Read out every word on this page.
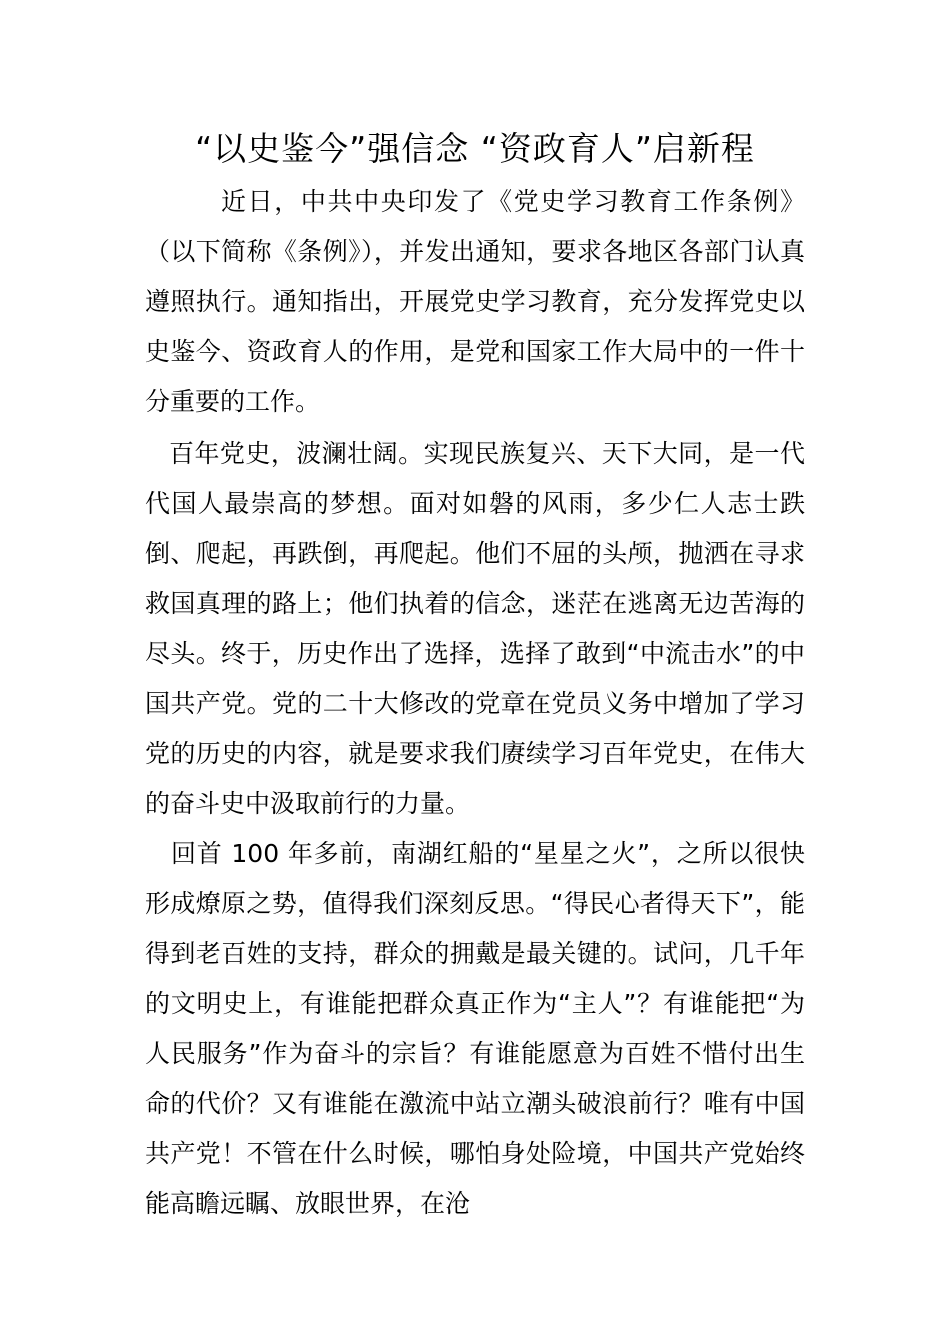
“以史鉴今”强信念 “资政育人”启新程

近日，中共中央印发了《党史学习教育工作条例》（以下简称《条例》），并发出通知，要求各地区各部门认真遵照执行。通知指出，开展党史学习教育，充分发挥党史以史鉴今、资政育人的作用，是党和国家工作大局中的一件十分重要的工作。

百年党史，波澜壮阔。实现民族复兴、天下大同，是一代代国人最崇高的梦想。面对如磐的风雨，多少仁人志士跌倒、爬起，再跌倒，再爬起。他们不屈的头颅，抛洒在寻求救国真理的路上；他们执着的信念，迷茫在逃离无边苦海的尽头。终于，历史作出了选择，选择了敢到“中流击水”的中国共产党。党的二十大修改的党章在党员义务中增加了学习党的历史的内容，就是要求我们赓续学习百年党史，在伟大的奋斗史中汲取前行的力量。

回首 100 年多前，南湖红船的“星星之火”，之所以很快形成燎原之势，值得我们深刻反思。“得民心者得天下”，能得到老百姓的支持，群众的拥戴是最关键的。试问，几千年的文明史上，有谁能把群众真正作为“主人”？有谁能把“为人民服务”作为奋斗的宗旨？有谁能愿意为百姓不惜付出生命的代价？又有谁能在激流中站立潮头破浪前行？唯有中国共产党！不管在什么时候，哪怕身处险境，中国共产党始终能高瞻远瞩、放眼世界，在沧
